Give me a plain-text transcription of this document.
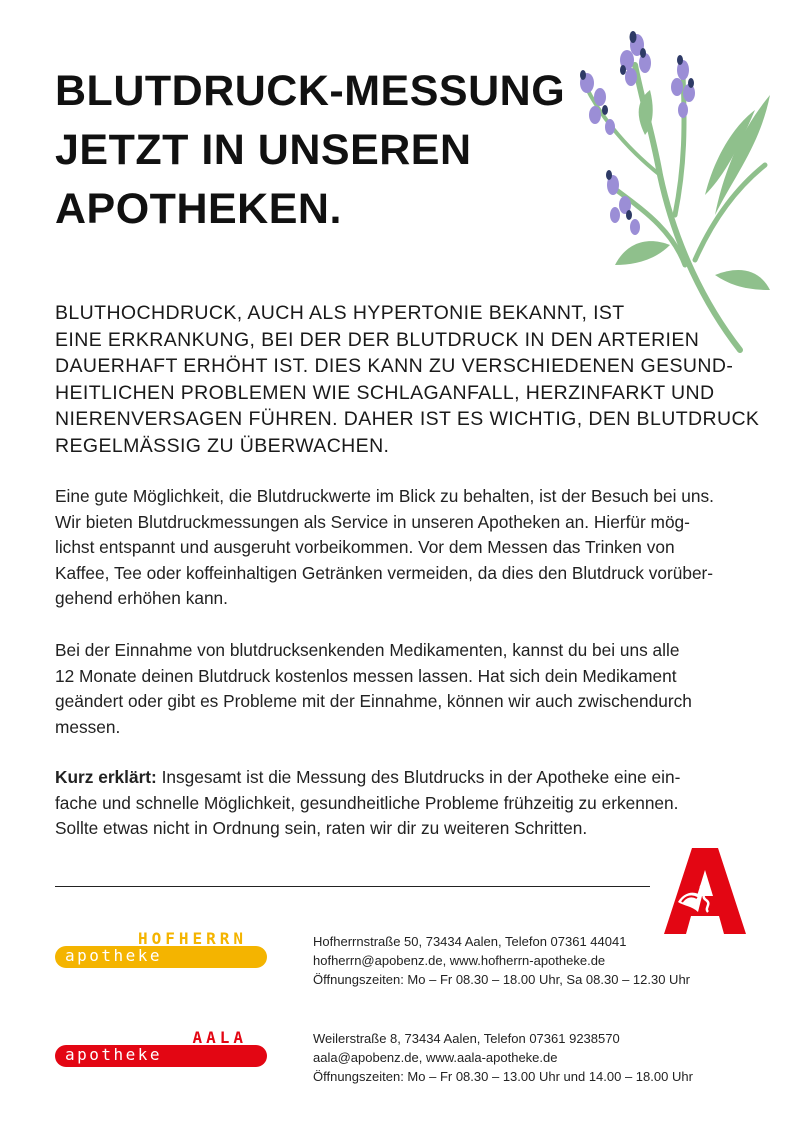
BLUTDRUCK-MESSUNG
JETZT IN UNSEREN
APOTHEKEN.

BLUTHOCHDRUCK, AUCH ALS HYPERTONIE BEKANNT, IST
EINE ERKRANKUNG, BEI DER DER BLUTDRUCK IN DEN ARTERIEN
DAUERHAFT ERHÖHT IST. DIES KANN ZU VERSCHIEDENEN GESUND-
HEITLICHEN PROBLEMEN WIE SCHLAGANFALL, HERZINFARKT UND
NIERENVERSAGEN FÜHREN. DAHER IST ES WICHTIG, DEN BLUTDRUCK
REGELMÄSSIG ZU ÜBERWACHEN.

Eine gute Möglichkeit, die Blutdruckwerte im Blick zu behalten, ist der Besuch bei uns.
Wir bieten Blutdruckmessungen als Service in unseren Apotheken an. Hierfür mög-
lichst entspannt und ausgeruht vorbeikommen. Vor dem Messen das Trinken von
Kaffee, Tee oder koffeinhaltigen Getränken vermeiden, da dies den Blutdruck vorüber-
gehend erhöhen kann.

Bei der Einnahme von blutdrucksenkenden Medikamenten, kannst du bei uns alle
12 Monate deinen Blutdruck kostenlos messen lassen. Hat sich dein Medikament
geändert oder gibt es Probleme mit der Einnahme, können wir auch zwischendurch
messen.

Kurz erklärt: Insgesamt ist die Messung des Blutdrucks in der Apotheke eine ein-
fache und schnelle Möglichkeit, gesundheitliche Probleme frühzeitig zu erkennen.
Sollte etwas nicht in Ordnung sein, raten wir dir zu weiteren Schritten.

HOFHERRN
apotheke

Hofherrnstraße 50, 73434 Aalen, Telefon 07361 44041
hofherrn@apobenz.de, www.hofherrn-apotheke.de
Öffnungszeiten: Mo – Fr 08.30 – 18.00 Uhr, Sa 08.30 – 12.30 Uhr

AALA
apotheke

Weilerstraße 8, 73434 Aalen, Telefon 07361 9238570
aala@apobenz.de, www.aala-apotheke.de
Öffnungszeiten: Mo – Fr 08.30 – 13.00 Uhr und 14.00 – 18.00 Uhr
